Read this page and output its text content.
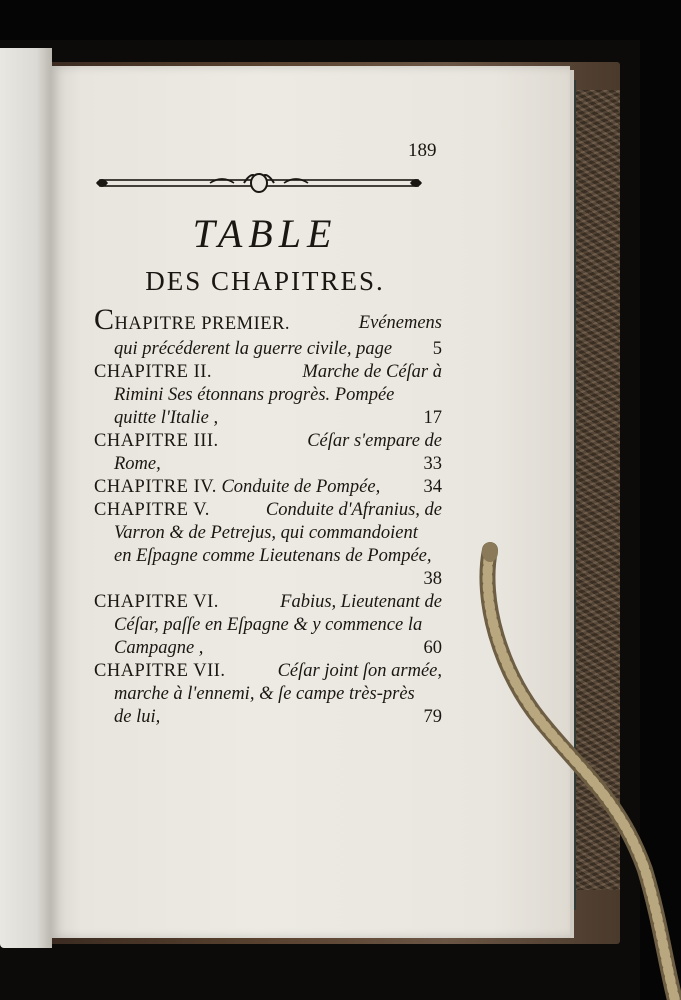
189
TABLE
DES CHAPITRES.
CHAPITRE PREMIER.	Evénemens
qui précéderent la guerre civile, page 5
CHAPITRE II.	Marche de Céſar à
Rimini Ses étonnans progrès. Pompée
quitte l'Italie ,	17
CHAPITRE III.	Céſar s'empare de
Rome,	33
CHAPITRE IV. Conduite de Pompée, 34
CHAPITRE V.	Conduite d'Afranius, de
Varron & de Petrejus, qui commandoient
en Eſpagne comme Lieutenans de Pompée,
38
CHAPITRE VI.	Fabius, Lieutenant de
Céſar, paſſe en Eſpagne & y commence la
Campagne ,	60
CHAPITRE VII.	Céſar joint ſon armée,
marche à l'ennemi, & ſe campe très-près
de lui,	79
